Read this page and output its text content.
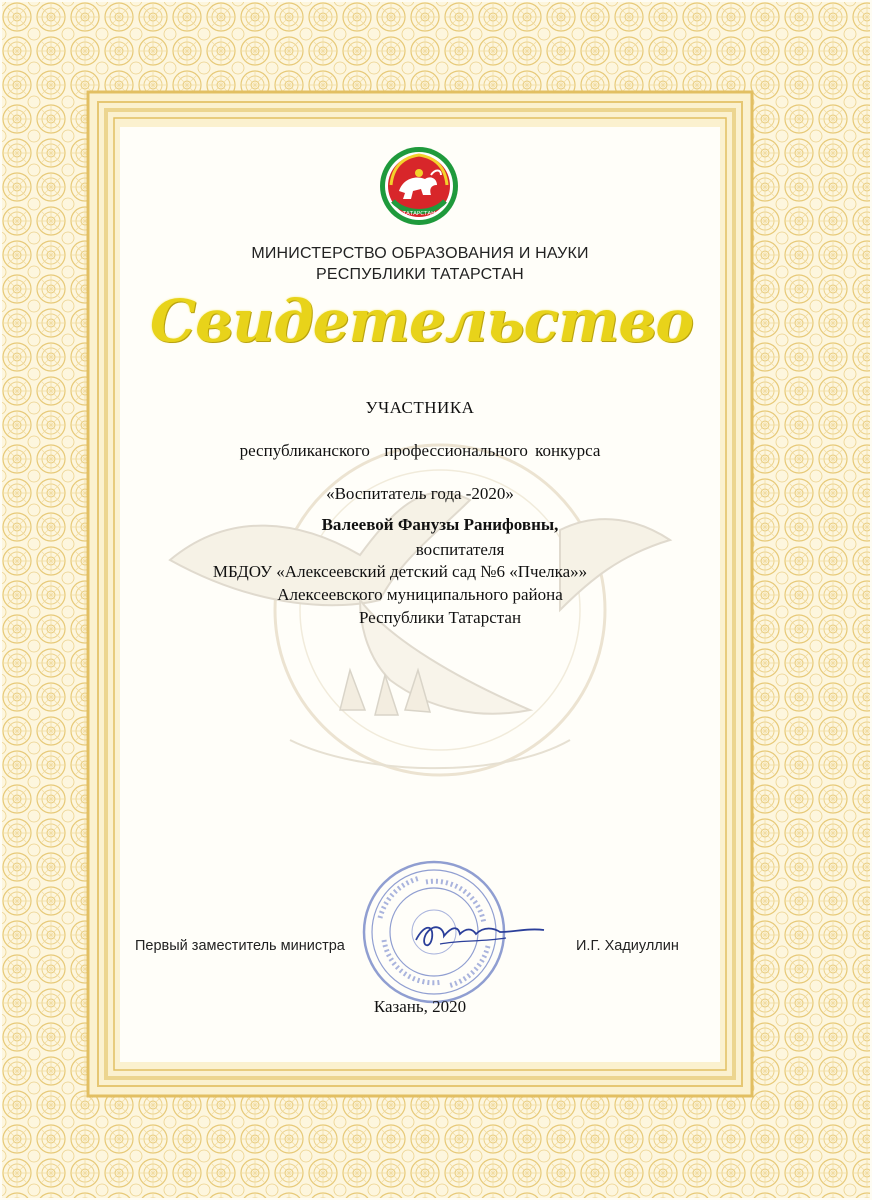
ТАТАРСТАН
МИНИСТЕРСТВО ОБРАЗОВАНИЯ И НАУКИ
РЕСПУБЛИКИ ТАТАРСТАН
Свидетельство
УЧАСТНИКА
республиканского  профессионального конкурса
«Воспитатель года -2020»
Валеевой Фанузы Ранифовны,
воспитателя
МБДОУ «Алексеевский детский сад №6 «Пчелка»»
Алексеевского муниципального района
Республики Татарстан
Первый заместитель министра	И.Г. Хадиуллин
Казань, 2020
